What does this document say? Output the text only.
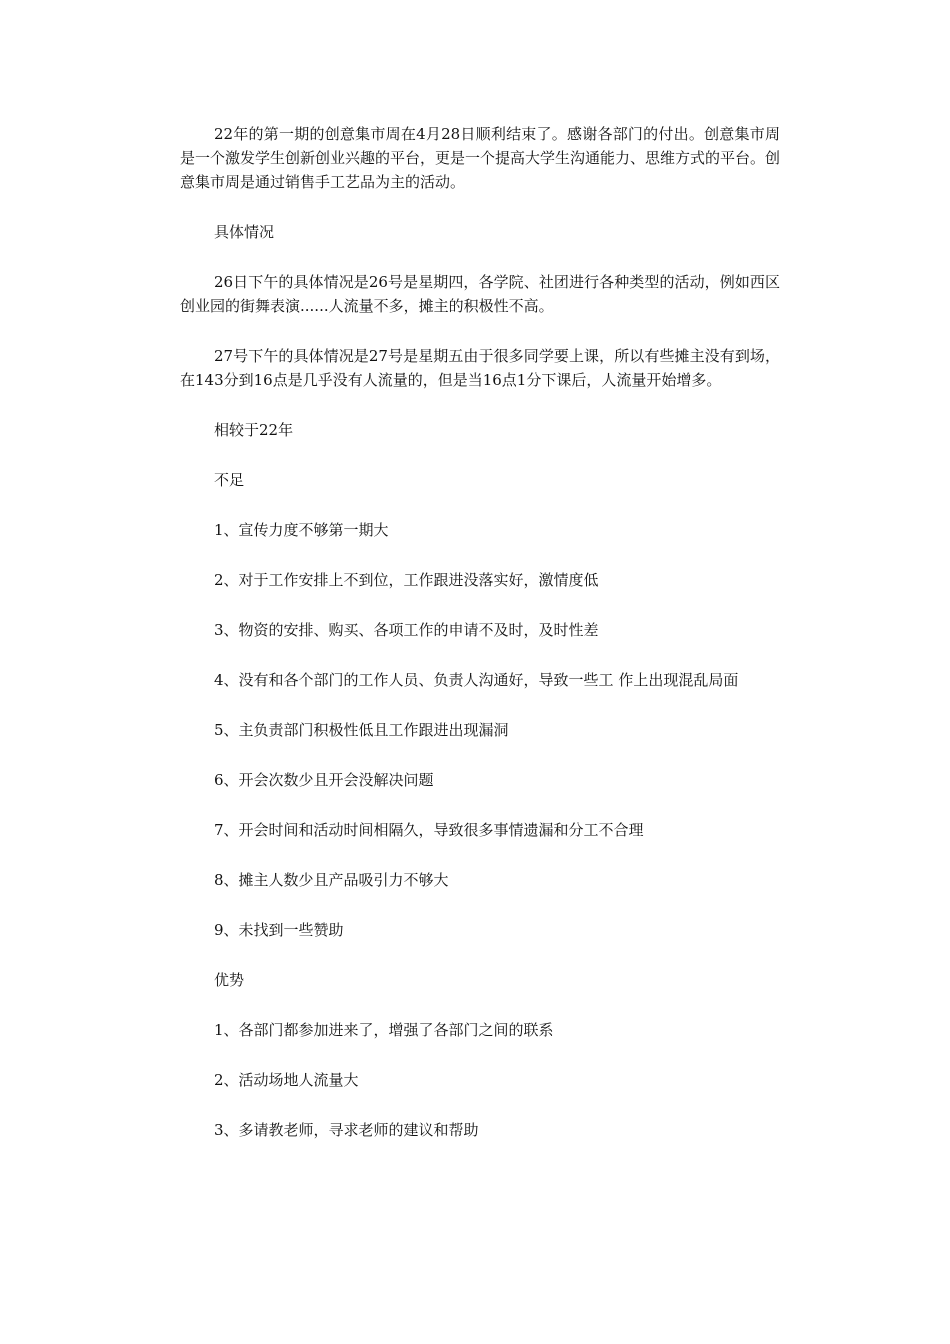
22年的第一期的创意集市周在4月28日顺利结束了。感谢各部门的付出。创意集市周是一个激发学生创新创业兴趣的平台，更是一个提高大学生沟通能力、思维方式的平台。创意集市周是通过销售手工艺品为主的活动。

具体情况

26日下午的具体情况是26号是星期四，各学院、社团进行各种类型的活动，例如西区创业园的街舞表演......人流量不多，摊主的积极性不高。

27号下午的具体情况是27号是星期五由于很多同学要上课，所以有些摊主没有到场，在143分到16点是几乎没有人流量的，但是当16点1分下课后，人流量开始增多。

相较于22年

不足

1、宣传力度不够第一期大

2、对于工作安排上不到位，工作跟进没落实好，激情度低

3、物资的安排、购买、各项工作的申请不及时，及时性差

4、没有和各个部门的工作人员、负责人沟通好，导致一些工 作上出现混乱局面

5、主负责部门积极性低且工作跟进出现漏洞

6、开会次数少且开会没解决问题

7、开会时间和活动时间相隔久，导致很多事情遗漏和分工不合理

8、摊主人数少且产品吸引力不够大

9、未找到一些赞助

优势

1、各部门都参加进来了，增强了各部门之间的联系

2、活动场地人流量大

3、多请教老师，寻求老师的建议和帮助
